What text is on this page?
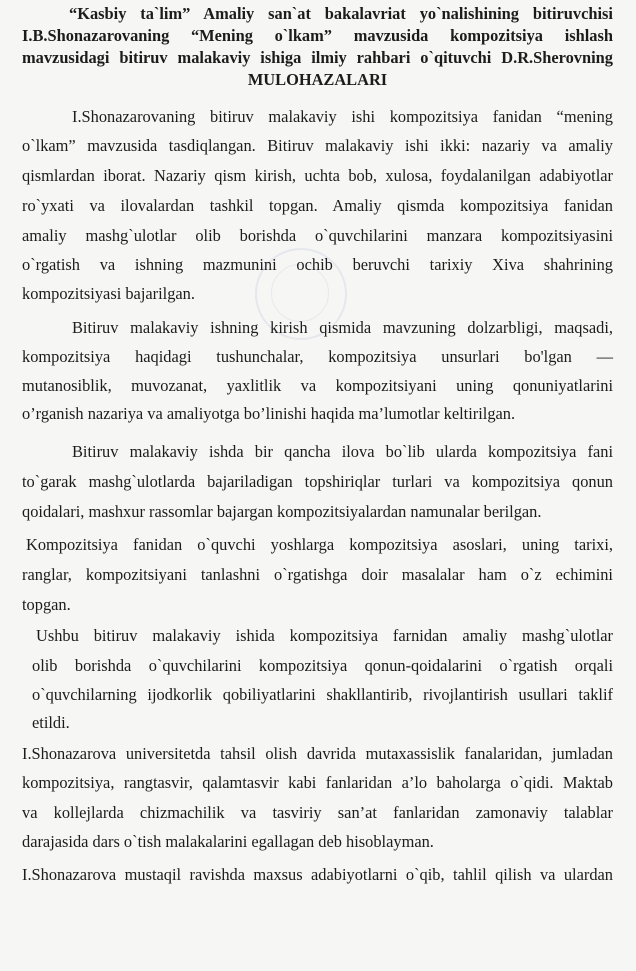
“Kasbiy ta`lim” Amaliy san`at bakalavriat yo`nalishining bitiruvchisi
I.B.Shonazarovaning “Mening o`lkam” mavzusida kompozitsiya ishlash
mavzusidagi bitiruv malakaviy ishiga ilmiy rahbari o`qituvchi D.R.Sherovning
MULOHAZALARI
I.Shonazarovaning bitiruv malakaviy ishi kompozitsiya fanidan “mening
o`lkam” mavzusida tasdiqlangan. Bitiruv malakaviy ishi ikki: nazariy va amaliy
qismlardan iborat. Nazariy qism kirish, uchta bob, xulosa, foydalanilgan adabiyotlar
ro`yxati va ilovalardan tashkil topgan. Amaliy qismda kompozitsiya fanidan
amaliy mashg`ulotlar olib borishda o`quvchilarini manzara kompozitsiyasini
o`rgatish va ishning mazmunini ochib beruvchi tarixiy Xiva shahrining
kompozitsiyasi bajarilgan.
Bitiruv malakaviy ishning kirish qismida mavzuning dolzarbligi, maqsadi,
kompozitsiya haqidagi tushunchalar, kompozitsiya unsurlari bo'lgan —
mutanosiblik, muvozanat, yaxlitlik va kompozitsiyani uning qonuniyatlarini
o’rganish nazariya va amaliyotga bo’linishi haqida ma’lumotlar keltirilgan.
Bitiruv malakaviy ishda bir qancha ilova bo`lib ularda kompozitsiya fani
to`garak mashg`ulotlarda bajariladigan topshiriqlar turlari va kompozitsiya qonun
qoidalari, mashxur rassomlar bajargan kompozitsiyalardan namunalar berilgan.
Kompozitsiya fanidan o`quvchi yoshlarga kompozitsiya asoslari, uning tarixi,
ranglar, kompozitsiyani tanlashni o`rgatishga doir masalalar ham o`z echimini
topgan.
Ushbu bitiruv malakaviy ishida kompozitsiya farnidan amaliy mashg`ulotlar
olib borishda o`quvchilarini kompozitsiya qonun-qoidalarini o`rgatish orqali
o`quvchilarning ijodkorlik qobiliyatlarini shakllantirib, rivojlantirish usullari taklif
etildi.
I.Shonazarova universitetda tahsil olish davrida mutaxassislik fanalaridan, jumladan
kompozitsiya, rangtasvir, qalamtasvir kabi fanlaridan a’lo baholarga o`qidi. Maktab
va kollejlarda chizmachilik va tasviriy san’at fanlaridan zamonaviy talablar
darajasida dars o`tish malakalarini egallagan deb hisoblayman.
I.Shonazarova mustaqil ravishda maxsus adabiyotlarni o`qib, tahlil qilish va ulardan
